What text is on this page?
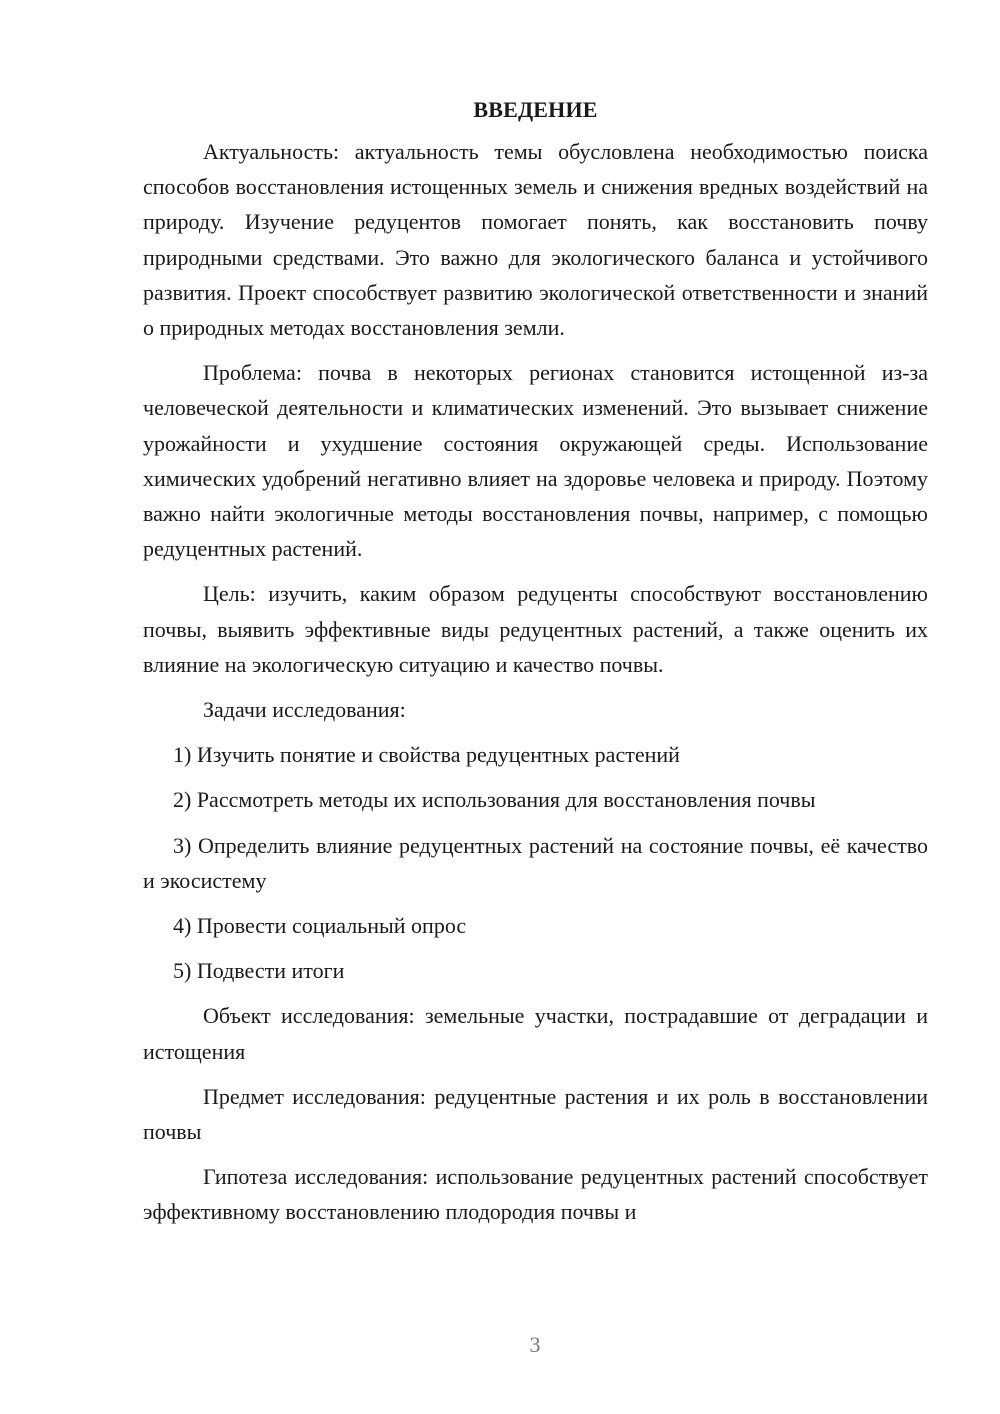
ВВЕДЕНИЕ

Актуальность: актуальность темы обусловлена необходимостью поиска способов восстановления истощенных земель и снижения вредных воздействий на природу. Изучение редуцентов помогает понять, как восстановить почву природными средствами. Это важно для экологического баланса и устойчивого развития. Проект способствует развитию экологической ответственности и знаний о природных методах восстановления земли.

Проблема: почва в некоторых регионах становится истощенной из-за человеческой деятельности и климатических изменений. Это вызывает снижение урожайности и ухудшение состояния окружающей среды. Использование химических удобрений негативно влияет на здоровье человека и природу. Поэтому важно найти экологичные методы восстановления почвы, например, с помощью редуцентных растений.

Цель: изучить, каким образом редуценты способствуют восстановлению почвы, выявить эффективные виды редуцентных растений, а также оценить их влияние на экологическую ситуацию и качество почвы.

Задачи исследования:

1) Изучить понятие и свойства редуцентных растений

2) Рассмотреть методы их использования для восстановления почвы

3) Определить влияние редуцентных растений на состояние почвы, её качество и экосистему

4) Провести социальный опрос

5) Подвести итоги

Объект исследования: земельные участки, пострадавшие от деградации и истощения

Предмет исследования: редуцентные растения и их роль в восстановлении почвы

Гипотеза исследования: использование редуцентных растений способствует эффективному восстановлению плодородия почвы и

3
